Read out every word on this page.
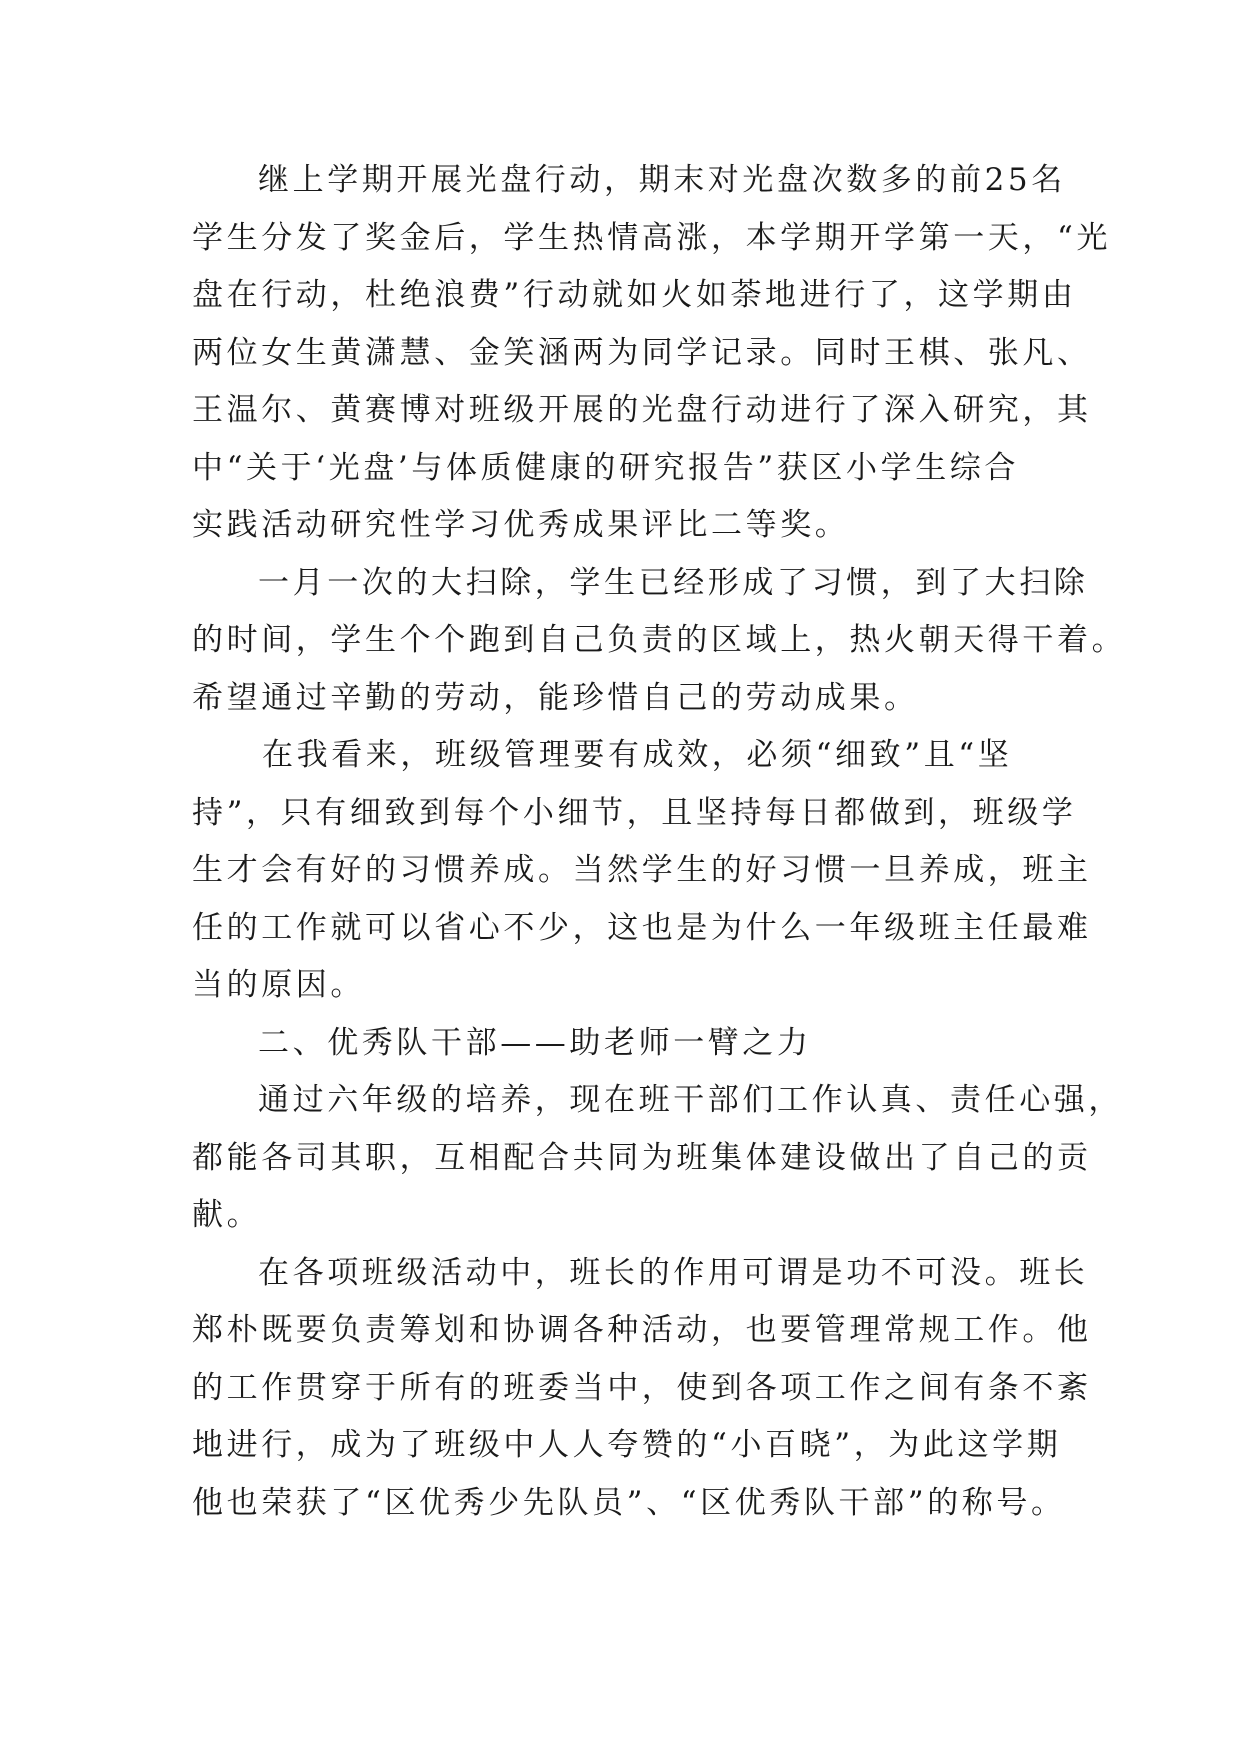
继上学期开展光盘行动，期末对光盘次数多的前25名
学生分发了奖金后，学生热情高涨，本学期开学第一天，“光
盘在行动，杜绝浪费”行动就如火如荼地进行了，这学期由
两位女生黄潇慧、金笑涵两为同学记录。同时王棋、张凡、
王温尔、黄赛博对班级开展的光盘行动进行了深入研究，其
中“关于‘光盘’与体质健康的研究报告”获区小学生综合
实践活动研究性学习优秀成果评比二等奖。
一月一次的大扫除，学生已经形成了习惯，到了大扫除
的时间，学生个个跑到自己负责的区域上，热火朝天得干着。
希望通过辛勤的劳动，能珍惜自己的劳动成果。
在我看来，班级管理要有成效，必须“细致”且“坚
持”，只有细致到每个小细节，且坚持每日都做到，班级学
生才会有好的习惯养成。当然学生的好习惯一旦养成，班主
任的工作就可以省心不少，这也是为什么一年级班主任最难
当的原因。
二、优秀队干部——助老师一臂之力
通过六年级的培养，现在班干部们工作认真、责任心强，
都能各司其职，互相配合共同为班集体建设做出了自己的贡
献。
在各项班级活动中，班长的作用可谓是功不可没。班长
郑朴既要负责筹划和协调各种活动，也要管理常规工作。他
的工作贯穿于所有的班委当中，使到各项工作之间有条不紊
地进行，成为了班级中人人夸赞的“小百晓”，为此这学期
他也荣获了“区优秀少先队员”、“区优秀队干部”的称号。
